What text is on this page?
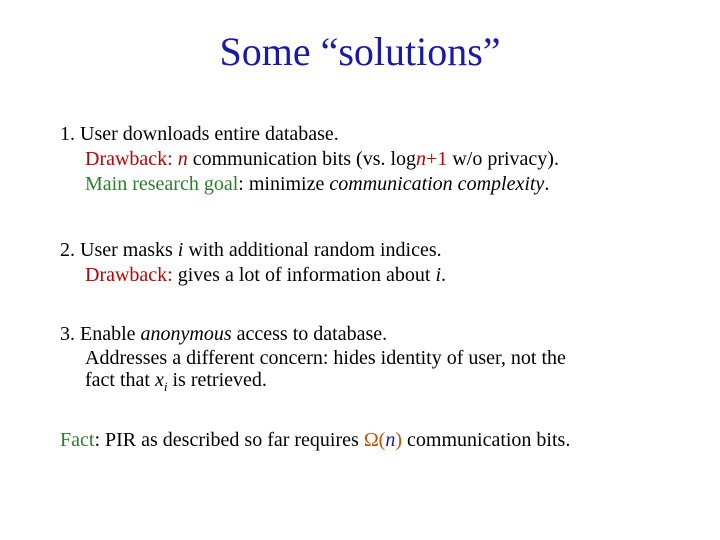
Some “solutions”
1. User downloads entire database.
Drawback: n communication bits (vs. logn+1 w/o privacy).
Main research goal: minimize communication complexity.
2. User masks i with additional random indices.
Drawback: gives a lot of information about i.
3. Enable anonymous access to database.
Addresses a different concern: hides identity of user, not the
fact that $x_i$ is retrieved.
Fact: PIR as described so far requires Ω(n) communication bits.
